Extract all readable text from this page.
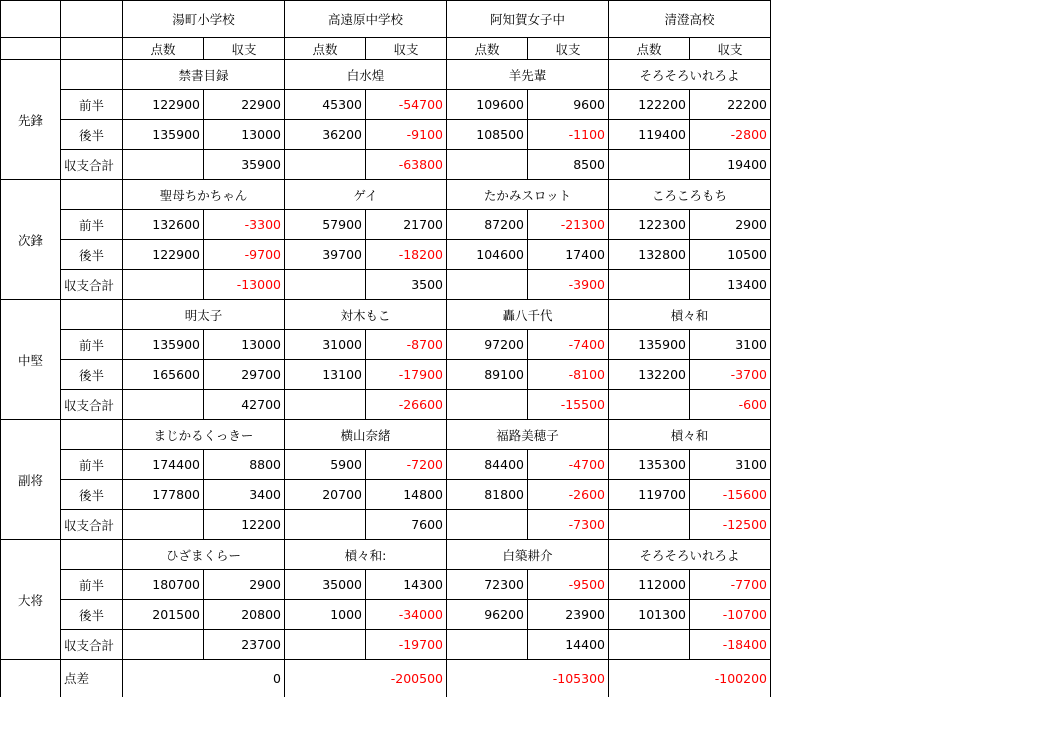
		湯町小学校		高遠原中学校		阿知賀女子中		清澄高校	
		点数	収支	点数	収支	点数	収支	点数	収支
先鋒		禁書目録		白水煌		羊先輩		そろそろいれろよ	
	前半	122900	22900	45300	-54700	109600	9600	122200	22200
	後半	135900	13000	36200	-9100	108500	-1100	119400	-2800
	収支合計		35900		-63800		8500		19400
次鋒		聖母ちかちゃん		ゲイ		たかみスロット		ころころもち	
	前半	132600	-3300	57900	21700	87200	-21300	122300	2900
	後半	122900	-9700	39700	-18200	104600	17400	132800	10500
	収支合計		-13000		3500		-3900		13400
中堅		明太子		対木もこ		轟八千代		槓々和	
	前半	135900	13000	31000	-8700	97200	-7400	135900	3100
	後半	165600	29700	13100	-17900	89100	-8100	132200	-3700
	収支合計		42700		-26600		-15500		-600
副将		まじかるくっきー		横山奈緒		福路美穂子		槓々和	
	前半	174400	8800	5900	-7200	84400	-4700	135300	3100
	後半	177800	3400	20700	14800	81800	-2600	119700	-15600
	収支合計		12200		7600		-7300		-12500
大将		ひざまくらー		槓々和:		白築耕介		そろそろいれろよ	
	前半	180700	2900	35000	14300	72300	-9500	112000	-7700
	後半	201500	20800	1000	-34000	96200	23900	101300	-10700
	収支合計		23700		-19700		14400		-18400
	点差	0		-200500		-105300		-100200	
